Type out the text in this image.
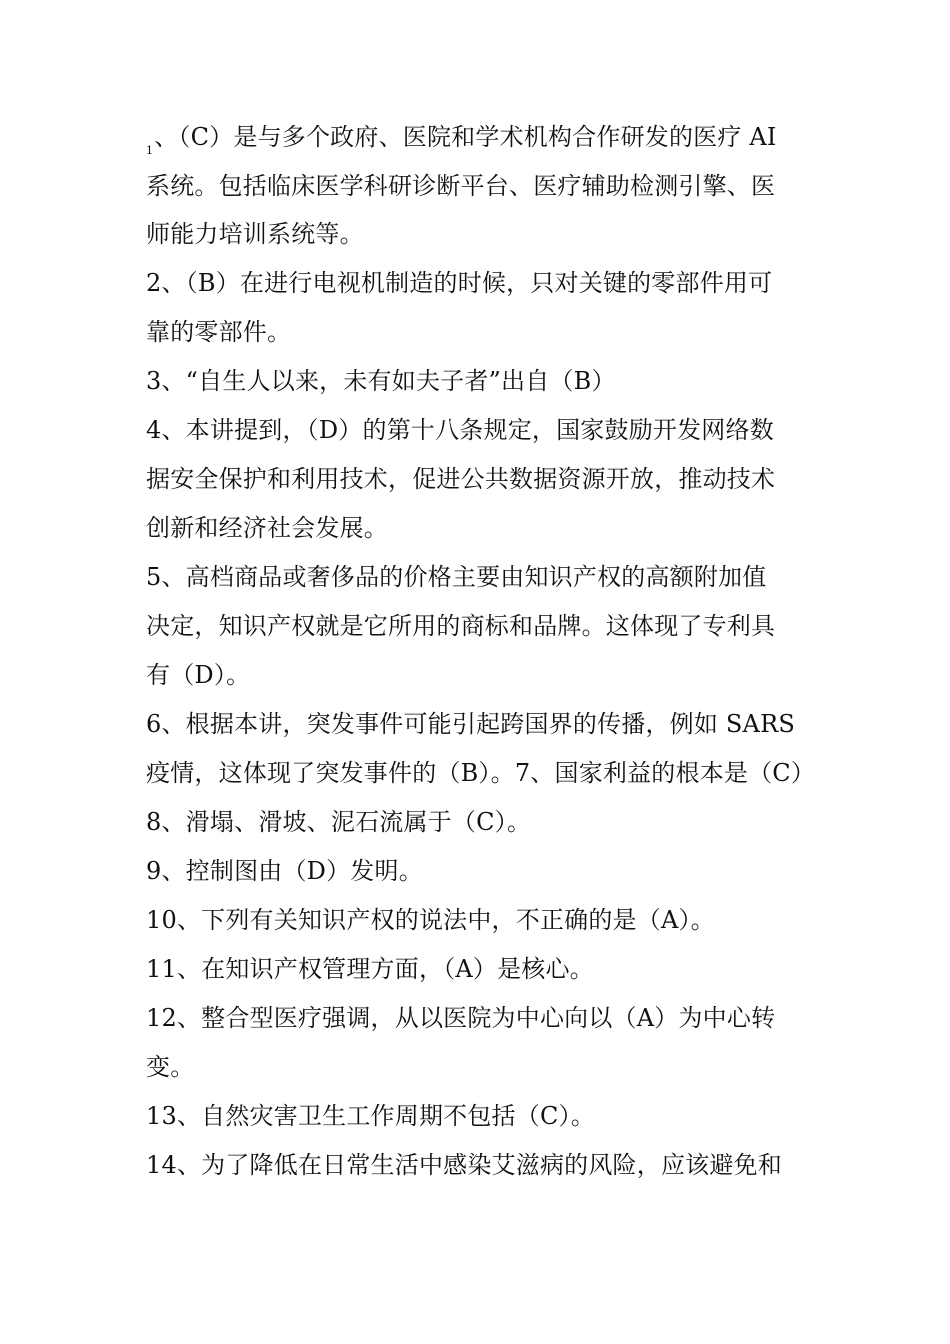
$_1$、（C）是与多个政府、医院和学术机构合作研发的医疗 AI
系统。包括临床医学科研诊断平台、医疗辅助检测引擎、医
师能力培训系统等。
2、（B）在进行电视机制造的时候，只对关键的零部件用可
靠的零部件。
3、“自生人以来，未有如夫子者”出自（B）
4、本讲提到，（D）的第十八条规定，国家鼓励开发网络数
据安全保护和利用技术，促进公共数据资源开放，推动技术
创新和经济社会发展。
5、高档商品或奢侈品的价格主要由知识产权的高额附加值
决定，知识产权就是它所用的商标和品牌。这体现了专利具
有（D）。
6、根据本讲，突发事件可能引起跨国界的传播，例如 SARS
疫情，这体现了突发事件的（B）。7、国家利益的根本是（C）
8、滑塌、滑坡、泥石流属于（C）。
9、控制图由（D）发明。
10、下列有关知识产权的说法中，不正确的是（A）。
11、在知识产权管理方面，（A）是核心。
12、整合型医疗强调，从以医院为中心向以（A）为中心转
变。
13、自然灾害卫生工作周期不包括（C）。
14、为了降低在日常生活中感染艾滋病的风险，应该避免和
